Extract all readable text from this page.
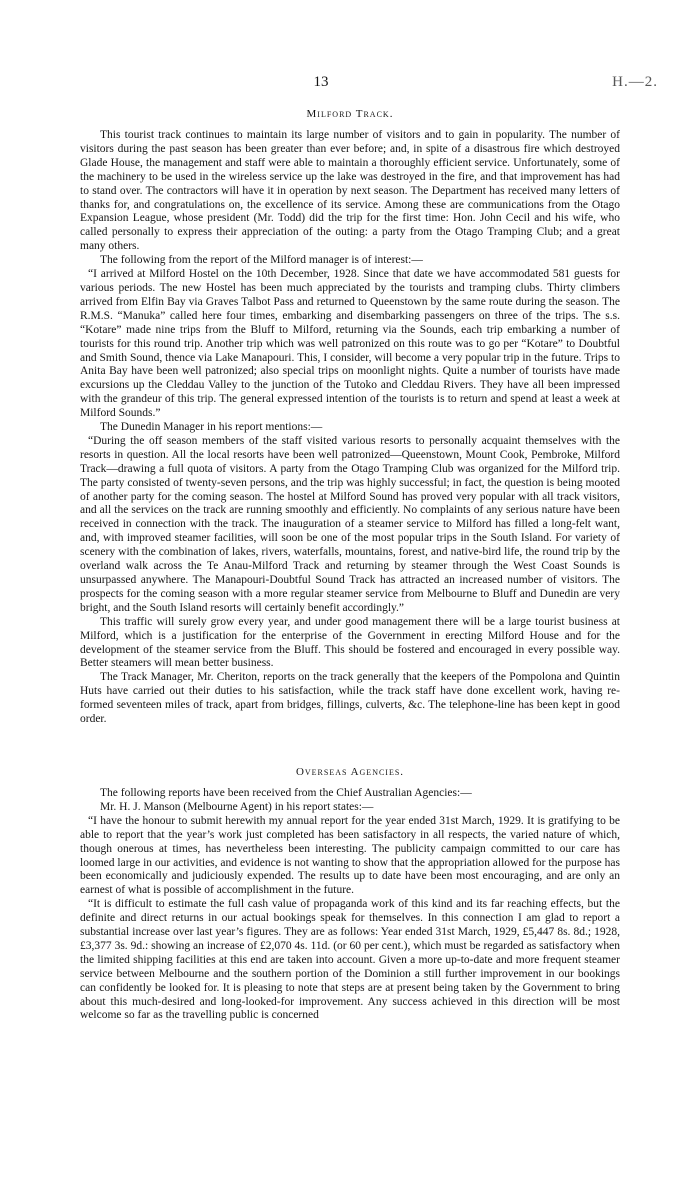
13	H.—2.
Milford Track.

This tourist track continues to maintain its large number of visitors and to gain in popularity. The number of visitors during the past season has been greater than ever before; and, in spite of a disastrous fire which destroyed Glade House, the management and staff were able to maintain a thoroughly efficient service. Unfortunately, some of the machinery to be used in the wireless service up the lake was destroyed in the fire, and that improvement has had to stand over. The contractors will have it in operation by next season. The Department has received many letters of thanks for, and congratulations on, the excellence of its service. Among these are communications from the Otago Expansion League, whose president (Mr. Todd) did the trip for the first time: Hon. John Cecil and his wife, who called personally to express their appreciation of the outing: a party from the Otago Tramping Club; and a great many others.

The following from the report of the Milford manager is of interest:—

“I arrived at Milford Hostel on the 10th December, 1928. Since that date we have accommodated 581 guests for various periods. The new Hostel has been much appreciated by the tourists and tramping clubs. Thirty climbers arrived from Elfin Bay via Graves Talbot Pass and returned to Queenstown by the same route during the season. The R.M.S. “Manuka” called here four times, embarking and disembarking passengers on three of the trips. The s.s. “Kotare” made nine trips from the Bluff to Milford, returning via the Sounds, each trip embarking a number of tourists for this round trip. Another trip which was well patronized on this route was to go per “Kotare” to Doubtful and Smith Sound, thence via Lake Manapouri. This, I consider, will become a very popular trip in the future. Trips to Anita Bay have been well patronized; also special trips on moonlight nights. Quite a number of tourists have made excursions up the Cleddau Valley to the junction of the Tutoko and Cleddau Rivers. They have all been impressed with the grandeur of this trip. The general expressed intention of the tourists is to return and spend at least a week at Milford Sounds.”

The Dunedin Manager in his report mentions:—

“During the off season members of the staff visited various resorts to personally acquaint themselves with the resorts in question. All the local resorts have been well patronized—Queenstown, Mount Cook, Pembroke, Milford Track—drawing a full quota of visitors. A party from the Otago Tramping Club was organized for the Milford trip. The party consisted of twenty-seven persons, and the trip was highly successful; in fact, the question is being mooted of another party for the coming season. The hostel at Milford Sound has proved very popular with all track visitors, and all the services on the track are running smoothly and efficiently. No complaints of any serious nature have been received in connection with the track. The inauguration of a steamer service to Milford has filled a long-felt want, and, with improved steamer facilities, will soon be one of the most popular trips in the South Island. For variety of scenery with the combination of lakes, rivers, waterfalls, mountains, forest, and native-bird life, the round trip by the overland walk across the Te Anau-Milford Track and returning by steamer through the West Coast Sounds is unsurpassed anywhere. The Manapouri-Doubtful Sound Track has attracted an increased number of visitors. The prospects for the coming season with a more regular steamer service from Melbourne to Bluff and Dunedin are very bright, and the South Island resorts will certainly benefit accordingly.”

This traffic will surely grow every year, and under good management there will be a large tourist business at Milford, which is a justification for the enterprise of the Government in erecting Milford House and for the development of the steamer service from the Bluff. This should be fostered and encouraged in every possible way. Better steamers will mean better business.

The Track Manager, Mr. Cheriton, reports on the track generally that the keepers of the Pompolona and Quintin Huts have carried out their duties to his satisfaction, while the track staff have done excellent work, having re-formed seventeen miles of track, apart from bridges, fillings, culverts, &c. The telephone-line has been kept in good order.

Overseas Agencies.

The following reports have been received from the Chief Australian Agencies:—

Mr. H. J. Manson (Melbourne Agent) in his report states:—

“I have the honour to submit herewith my annual report for the year ended 31st March, 1929. It is gratifying to be able to report that the year’s work just completed has been satisfactory in all respects, the varied nature of which, though onerous at times, has nevertheless been interesting. The publicity campaign committed to our care has loomed large in our activities, and evidence is not wanting to show that the appropriation allowed for the purpose has been economically and judiciously expended. The results up to date have been most encouraging, and are only an earnest of what is possible of accomplishment in the future.

“It is difficult to estimate the full cash value of propaganda work of this kind and its far reaching effects, but the definite and direct returns in our actual bookings speak for themselves. In this connection I am glad to report a substantial increase over last year’s figures. They are as follows: Year ended 31st March, 1929, £5,447 8s. 8d.; 1928, £3,377 3s. 9d.: showing an increase of £2,070 4s. 11d. (or 60 per cent.), which must be regarded as satisfactory when the limited shipping facilities at this end are taken into account. Given a more up-to-date and more frequent steamer service between Melbourne and the southern portion of the Dominion a still further improvement in our bookings can confidently be looked for. It is pleasing to note that steps are at present being taken by the Government to bring about this much-desired and long-looked-for improvement. Any success achieved in this direction will be most welcome so far as the travelling public is concerned
